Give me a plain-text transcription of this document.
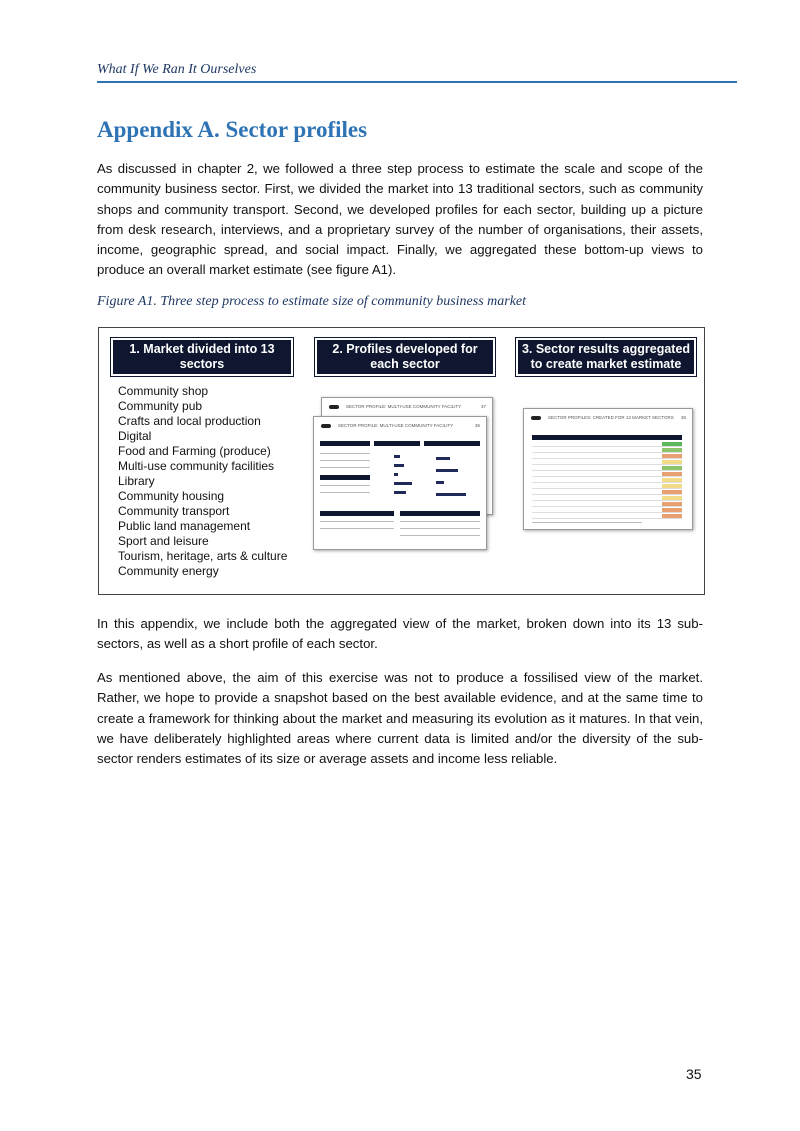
What If We Ran It Ourselves
Appendix A. Sector profiles
As discussed in chapter 2, we followed a three step process to estimate the scale and scope of the community business sector. First, we divided the market into 13 traditional sectors, such as community shops and community transport. Second, we developed profiles for each sector, building up a picture from desk research, interviews, and a proprietary survey of the number of organisations, their assets, income, geographic spread, and social impact. Finally, we aggregated these bottom-up views to produce an overall market estimate (see figure A1).
Figure A1. Three step process to estimate size of community business market
1. Market divided into 13 sectors
2. Profiles developed for each sector
3. Sector results aggregated to create market estimate
Community shop
Community pub
Crafts and local production
Digital
Food and Farming (produce)
Multi-use community facilities
Library
Community housing
Community transport
Public land management
Sport and leisure
Tourism, heritage, arts & culture
Community energy
SECTOR PROFILE: MULTI-USE COMMUNITY FACILITY	37
SECTOR PROFILE: MULTI-USE COMMUNITY FACILITY	36
SECTOR PROFILES: CREATED FOR 13 MARKET SECTORS 36
In this appendix, we include both the aggregated view of the market, broken down into its 13 sub-sectors, as well as a short profile of each sector.
As mentioned above, the aim of this exercise was not to produce a fossilised view of the market. Rather, we hope to provide a snapshot based on the best available evidence, and at the same time to create a framework for thinking about the market and measuring its evolution as it matures. In that vein, we have deliberately highlighted areas where current data is limited and/or the diversity of the sub-sector renders estimates of its size or average assets and income less reliable.
35
